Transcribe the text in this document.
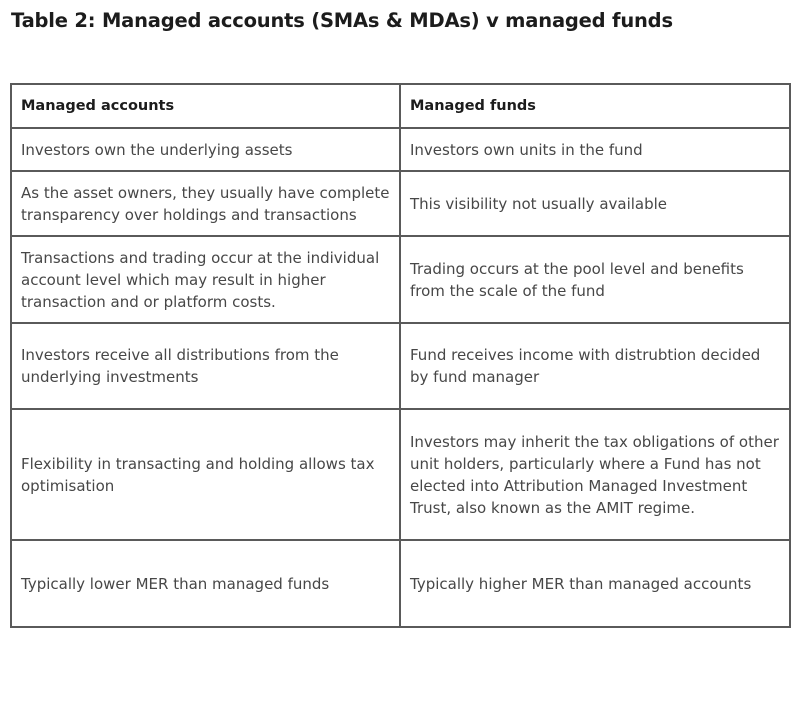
Table 2: Managed accounts (SMAs & MDAs) v managed funds
Managed accounts	Managed funds
Investors own the underlying assets	Investors own units in the fund
As the asset owners, they usually have complete transparency over holdings and transactions	This visibility not usually available
Transactions and trading occur at the individual account level which may result in higher transaction and or platform costs.	Trading occurs at the pool level and benefits from the scale of the fund
Investors receive all distributions from the underlying investments	Fund receives income with distrubtion decided by fund manager
Flexibility in transacting and holding allows tax optimisation	Investors may inherit the tax obligations of other unit holders, particularly where a Fund has not elected into Attribution Managed Investment Trust, also known as the AMIT regime.
Typically lower MER than managed funds	Typically higher MER than managed accounts
